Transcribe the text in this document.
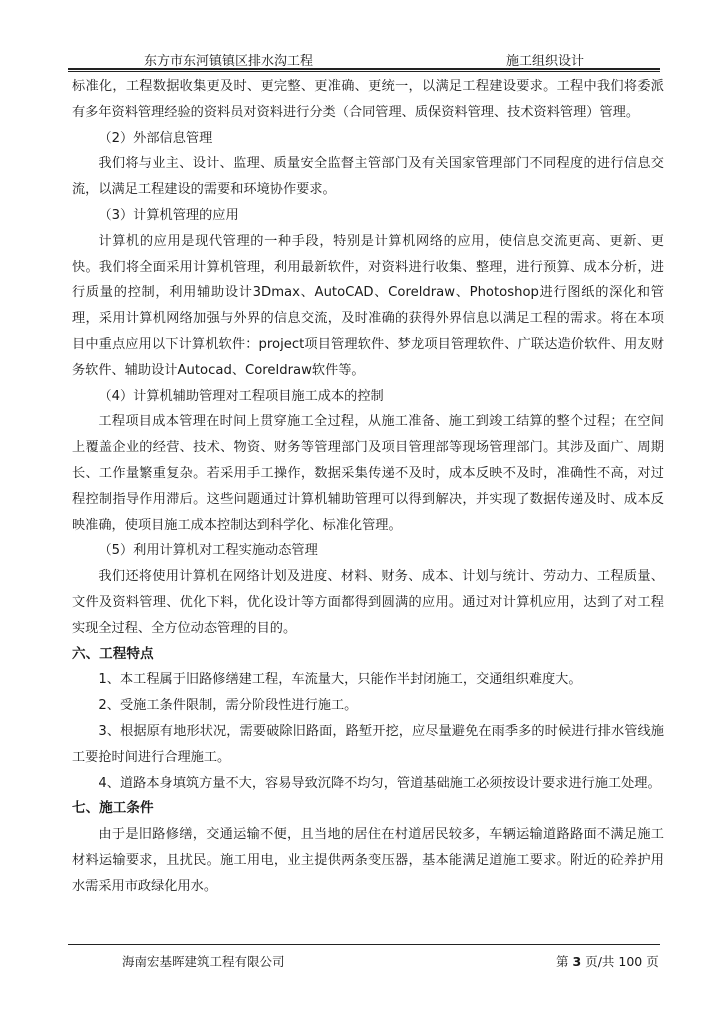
东方市东河镇镇区排水沟工程	施工组织设计

标准化，工程数据收集更及时、更完整、更准确、更统一，以满足工程建设要求。工程中我们将委派有多年资料管理经验的资料员对资料进行分类（合同管理、质保资料管理、技术资料管理）管理。

（2）外部信息管理

我们将与业主、设计、监理、质量安全监督主管部门及有关国家管理部门不同程度的进行信息交流，以满足工程建设的需要和环境协作要求。

（3）计算机管理的应用

计算机的应用是现代管理的一种手段，特别是计算机网络的应用，使信息交流更高、更新、更快。我们将全面采用计算机管理，利用最新软件，对资料进行收集、整理，进行预算、成本分析，进行质量的控制，利用辅助设计3Dmax、AutoCAD、Coreldraw、Photoshop进行图纸的深化和管理，采用计算机网络加强与外界的信息交流，及时准确的获得外界信息以满足工程的需求。将在本项目中重点应用以下计算机软件：project项目管理软件、梦龙项目管理软件、广联达造价软件、用友财务软件、辅助设计Autocad、Coreldraw软件等。

（4）计算机辅助管理对工程项目施工成本的控制

工程项目成本管理在时间上贯穿施工全过程，从施工准备、施工到竣工结算的整个过程；在空间上覆盖企业的经营、技术、物资、财务等管理部门及项目管理部等现场管理部门。其涉及面广、周期长、工作量繁重复杂。若采用手工操作，数据采集传递不及时，成本反映不及时，准确性不高，对过程控制指导作用滞后。这些问题通过计算机辅助管理可以得到解决，并实现了数据传递及时、成本反映准确，使项目施工成本控制达到科学化、标准化管理。

（5）利用计算机对工程实施动态管理

我们还将使用计算机在网络计划及进度、材料、财务、成本、计划与统计、劳动力、工程质量、文件及资料管理、优化下料，优化设计等方面都得到圆满的应用。通过对计算机应用，达到了对工程实现全过程、全方位动态管理的目的。

六、工程特点

1、本工程属于旧路修缮建工程，车流量大，只能作半封闭施工，交通组织难度大。

2、受施工条件限制，需分阶段性进行施工。

3、根据原有地形状况，需要破除旧路面，路堑开挖，应尽量避免在雨季多的时候进行排水管线施工要抢时间进行合理施工。

4、道路本身填筑方量不大，容易导致沉降不均匀，管道基础施工必须按设计要求进行施工处理。

七、施工条件

由于是旧路修缮，交通运输不便，且当地的居住在村道居民较多，车辆运输道路路面不满足施工材料运输要求，且扰民。施工用电，业主提供两条变压器，基本能满足道施工要求。附近的砼养护用水需采用市政绿化用水。

海南宏基晖建筑工程有限公司	第 3 页/共 100 页
